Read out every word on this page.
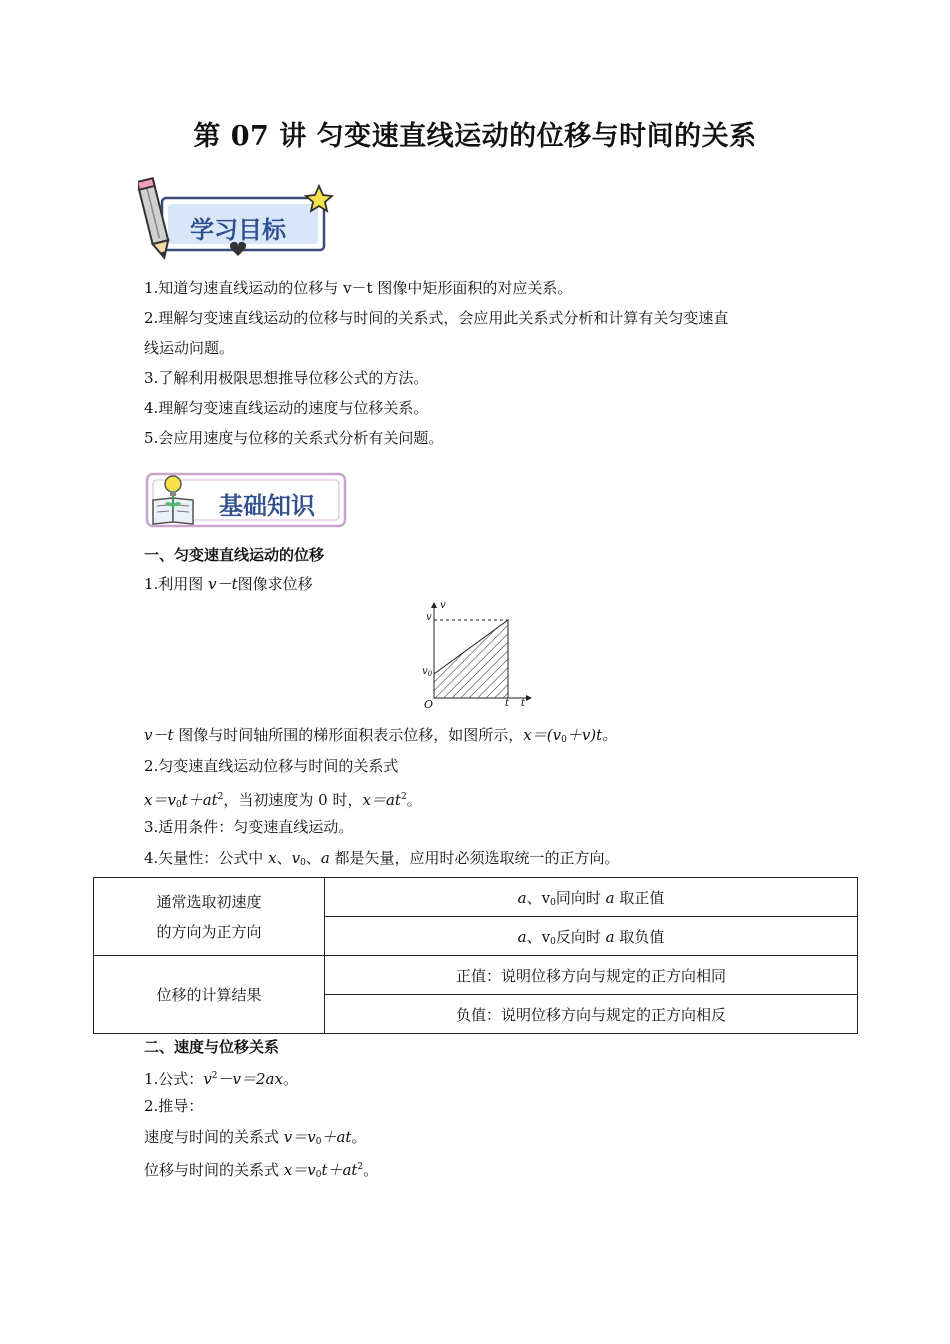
第 07 讲 匀变速直线运动的位移与时间的关系
学习目标
1.知道匀速直线运动的位移与 v－t 图像中矩形面积的对应关系。
2.理解匀变速直线运动的位移与时间的关系式，会应用此关系式分析和计算有关匀变速直
线运动问题。
3.了解利用极限思想推导位移公式的方法。
4.理解匀变速直线运动的速度与位移关系。
5.会应用速度与位移的关系式分析有关问题。
基础知识
一、匀变速直线运动的位移
1.利用图 v－t图像求位移
v
v
$v_0$
O	t t
v－t 图像与时间轴所围的梯形面积表示位移，如图所示，$x=(v_0+v)t$。
2.匀变速直线运动位移与时间的关系式
$x=v_0t+at^2$，当初速度为 0 时，$x=at^2$。
3.适用条件：匀变速直线运动。
4.矢量性：公式中 x、$v_0$、a 都是矢量，应用时必须选取统一的正方向。
通常选取初速度
的方向为正方向	a、$v_0$同向时 a 取正值
	a、$v_0$反向时 a 取负值
位移的计算结果	正值：说明位移方向与规定的正方向相同
	负值：说明位移方向与规定的正方向相反
二、速度与位移关系
1.公式：$v^2-v=2ax$。
2.推导：
速度与时间的关系式 $v=v_0+at$。
位移与时间的关系式 $x=v_0t+at^2$。
